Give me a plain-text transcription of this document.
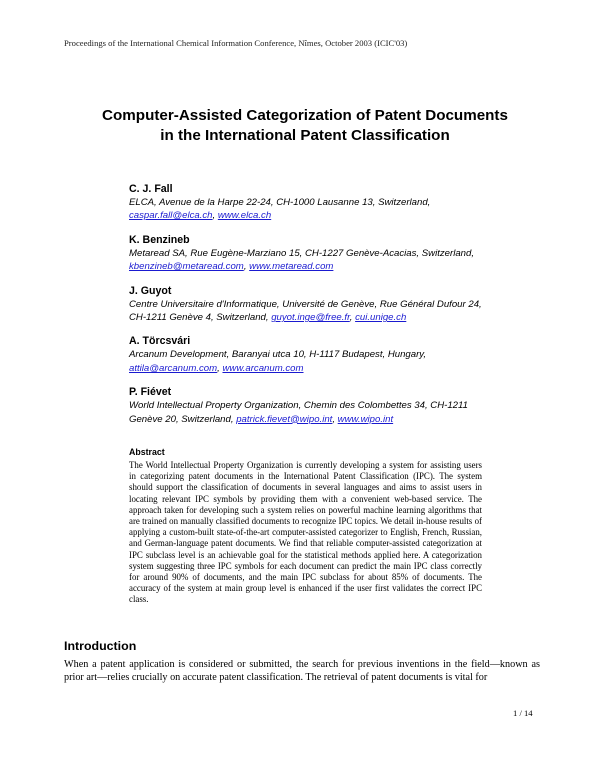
Proceedings of the International Chemical Information Conference, Nîmes, October 2003 (ICIC'03)
Computer-Assisted Categorization of Patent Documents in the International Patent Classification
C. J. Fall
ELCA, Avenue de la Harpe 22-24, CH-1000 Lausanne 13, Switzerland, caspar.fall@elca.ch, www.elca.ch
K. Benzineb
Metaread SA, Rue Eugène-Marziano 15, CH-1227 Genève-Acacias, Switzerland, kbenzineb@metaread.com, www.metaread.com
J. Guyot
Centre Universitaire d'Informatique, Université de Genève, Rue Général Dufour 24, CH-1211 Genève 4, Switzerland, guyot.inge@free.fr, cui.unige.ch
A. Törcsvári
Arcanum Development, Baranyai utca 10, H-1117 Budapest, Hungary, attila@arcanum.com, www.arcanum.com
P. Fiévet
World Intellectual Property Organization, Chemin des Colombettes 34, CH-1211 Genève 20, Switzerland, patrick.fievet@wipo.int, www.wipo.int
Abstract
The World Intellectual Property Organization is currently developing a system for assisting users in categorizing patent documents in the International Patent Classification (IPC). The system should support the classification of documents in several languages and aims to assist users in locating relevant IPC symbols by providing them with a convenient web-based service. The approach taken for developing such a system relies on powerful machine learning algorithms that are trained on manually classified documents to recognize IPC topics. We detail in-house results of applying a custom-built state-of-the-art computer-assisted categorizer to English, French, Russian, and German-language patent documents. We find that reliable computer-assisted categorization at IPC subclass level is an achievable goal for the statistical methods applied here. A categorization system suggesting three IPC symbols for each document can predict the main IPC class correctly for around 90% of documents, and the main IPC subclass for about 85% of documents. The accuracy of the system at main group level is enhanced if the user first validates the correct IPC class.
Introduction
When a patent application is considered or submitted, the search for previous inventions in the field—known as prior art—relies crucially on accurate patent classification. The retrieval of patent documents is vital for
1 / 14
